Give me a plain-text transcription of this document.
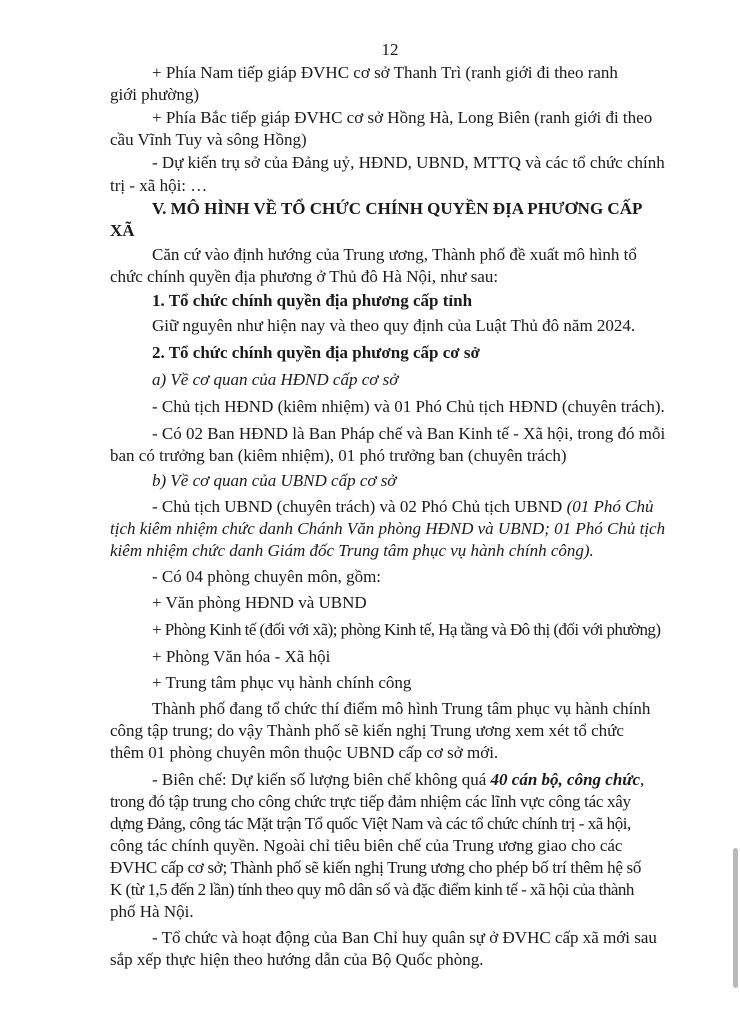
12
+ Phía Nam tiếp giáp ĐVHC cơ sở Thanh Trì (ranh giới đi theo ranh
giới phường)
+ Phía Bắc tiếp giáp ĐVHC cơ sở Hồng Hà, Long Biên (ranh giới đi theo
cầu Vĩnh Tuy và sông Hồng)
- Dự kiến trụ sở của Đảng uỷ, HĐND, UBND, MTTQ và các tổ chức chính
trị - xã hội: …
V. MÔ HÌNH VỀ TỔ CHỨC CHÍNH QUYỀN ĐỊA PHƯƠNG CẤP
XÃ
Căn cứ vào định hướng của Trung ương, Thành phố đề xuất mô hình tổ
chức chính quyền địa phương ở Thủ đô Hà Nội, như sau:
1. Tổ chức chính quyền địa phương cấp tỉnh
Giữ nguyên như hiện nay và theo quy định của Luật Thủ đô năm 2024.
2. Tổ chức chính quyền địa phương cấp cơ sở
a) Về cơ quan của HĐND cấp cơ sở
- Chủ tịch HĐND (kiêm nhiệm) và 01 Phó Chủ tịch HĐND (chuyên trách).
- Có 02 Ban HĐND là Ban Pháp chế và Ban Kinh tế - Xã hội, trong đó mỗi
ban có trưởng ban (kiêm nhiệm), 01 phó trưởng ban (chuyên trách)
b) Về cơ quan của UBND cấp cơ sở
- Chủ tịch UBND (chuyên trách) và 02 Phó Chủ tịch UBND (01 Phó Chủ
tịch kiêm nhiệm chức danh Chánh Văn phòng HĐND và UBND; 01 Phó Chủ tịch
kiêm nhiệm chức danh Giám đốc Trung tâm phục vụ hành chính công).
- Có 04 phòng chuyên môn, gồm:
+ Văn phòng HĐND và UBND
+ Phòng Kinh tế (đối với xã); phòng Kinh tế, Hạ tầng và Đô thị (đối với phường)
+ Phòng Văn hóa - Xã hội
+ Trung tâm phục vụ hành chính công
Thành phố đang tổ chức thí điểm mô hình Trung tâm phục vụ hành chính
công tập trung; do vậy Thành phố sẽ kiến nghị Trung ương xem xét tổ chức
thêm 01 phòng chuyên môn thuộc UBND cấp cơ sở mới.
- Biên chế: Dự kiến số lượng biên chế không quá 40 cán bộ, công chức,
trong đó tập trung cho công chức trực tiếp đảm nhiệm các lĩnh vực công tác xây
dựng Đảng, công tác Mặt trận Tổ quốc Việt Nam và các tổ chức chính trị - xã hội,
công tác chính quyền. Ngoài chỉ tiêu biên chế của Trung ương giao cho các
ĐVHC cấp cơ sở; Thành phố sẽ kiến nghị Trung ương cho phép bố trí thêm hệ số
K (từ 1,5 đến 2 lần) tính theo quy mô dân số và đặc điểm kinh tế - xã hội của thành
phố Hà Nội.
- Tổ chức và hoạt động của Ban Chỉ huy quân sự ở ĐVHC cấp xã mới sau
sắp xếp thực hiện theo hướng dẫn của Bộ Quốc phòng.
